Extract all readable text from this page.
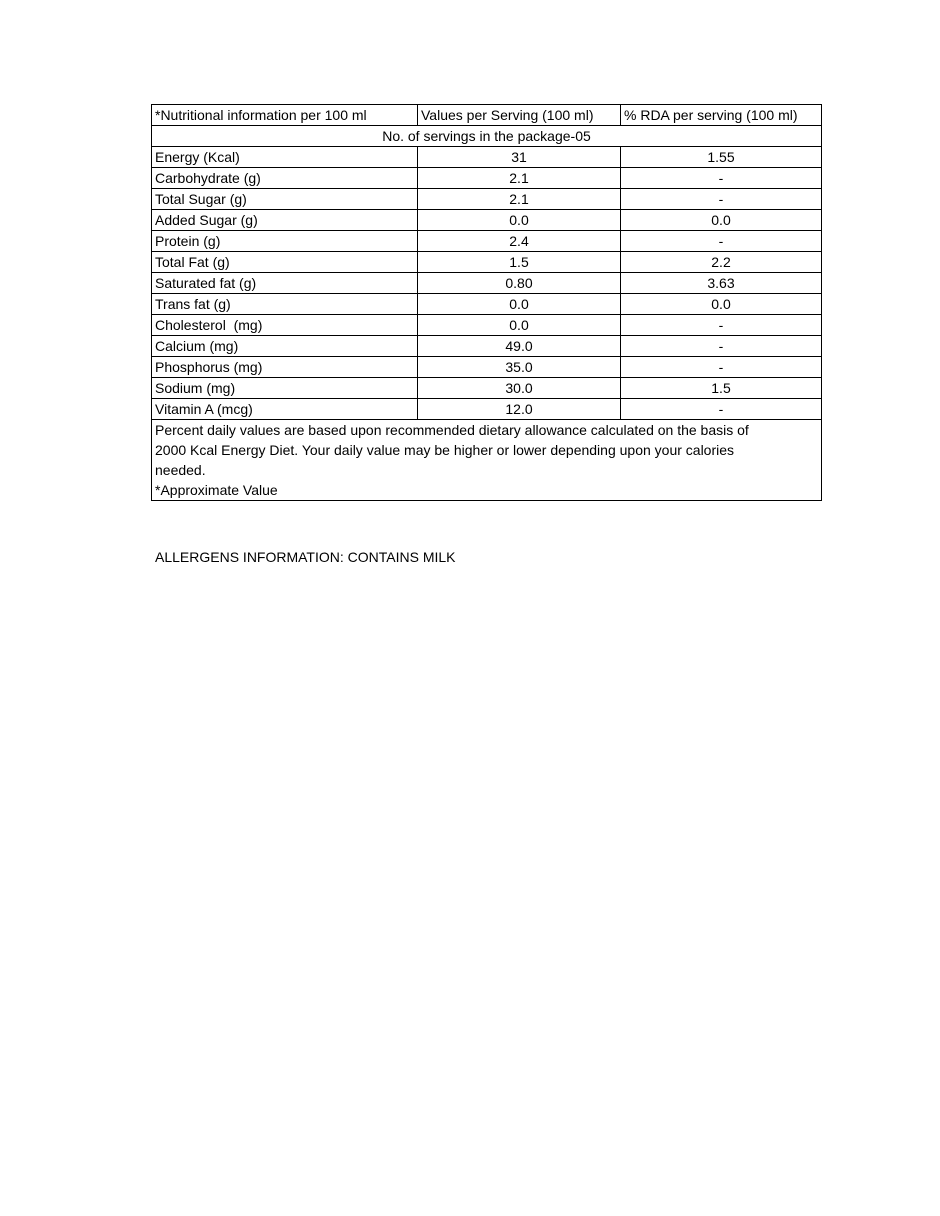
*Nutritional information per 100 ml	Values per Serving (100 ml)	% RDA per serving (100 ml)
No. of servings in the package-05		
Energy (Kcal)	31	1.55
Carbohydrate (g)	2.1	-
Total Sugar (g)	2.1	-
Added Sugar (g)	0.0	0.0
Protein (g)	2.4	-
Total Fat (g)	1.5	2.2
Saturated fat (g)	0.80	3.63
Trans fat (g)	0.0	0.0
Cholesterol  (mg)	0.0	-
Calcium (mg)	49.0	-
Phosphorus (mg)	35.0	-
Sodium (mg)	30.0	1.5
Vitamin A (mcg)	12.0	-

Percent daily values are based upon recommended dietary allowance calculated on the basis of
2000 Kcal Energy Diet. Your daily value may be higher or lower depending upon your calories
needed.
*Approximate Value		
ALLERGENS INFORMATION: CONTAINS MILK
